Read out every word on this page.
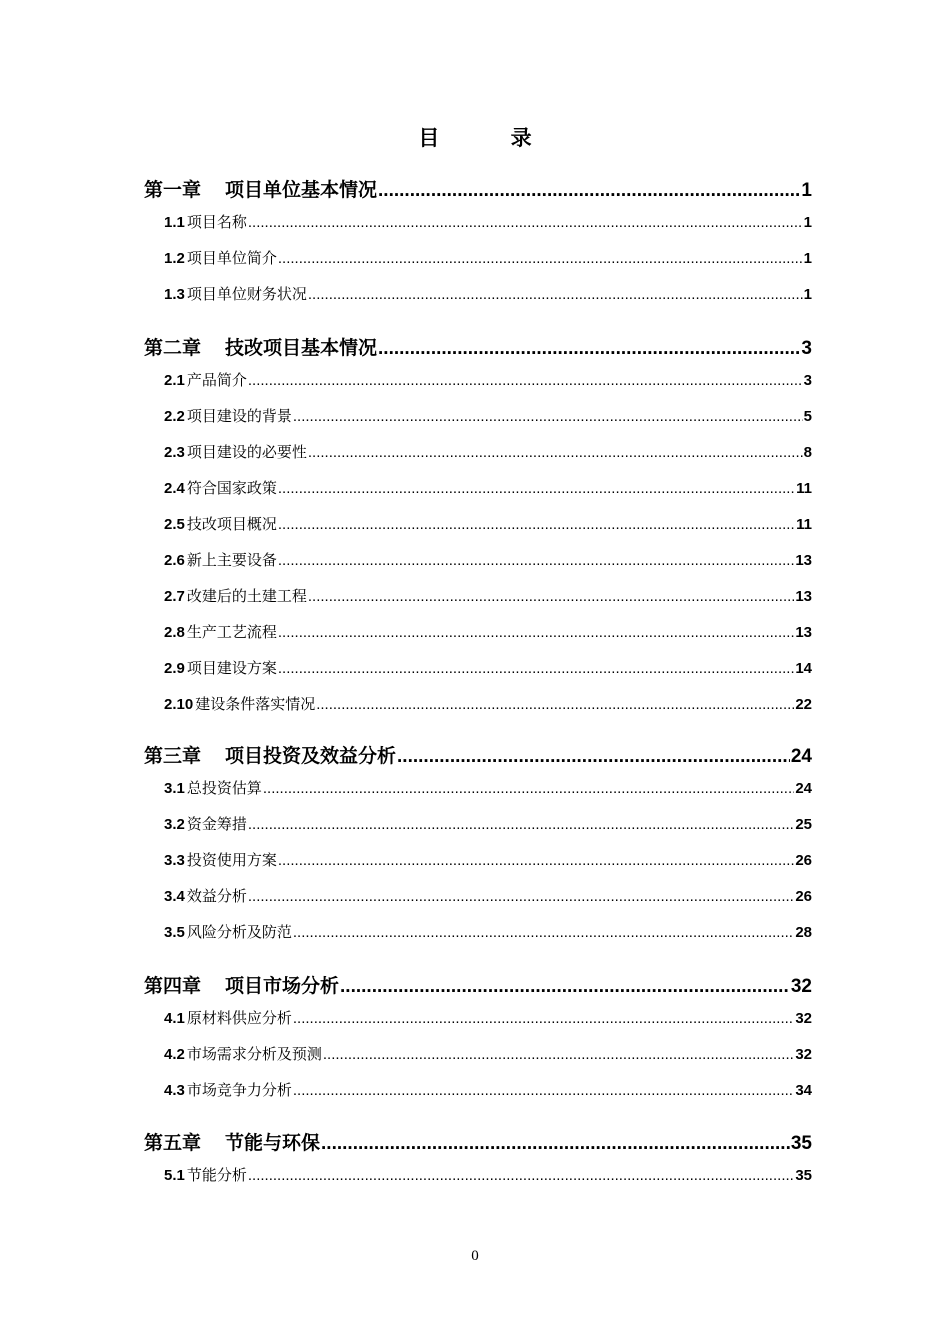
目 录
第一章 项目单位基本情况 .....	1
1.1 项目名称 .....	1
1.2 项目单位简介 .....	1
1.3 项目单位财务状况 .....	1
第二章 技改项目基本情况 .....	3
2.1 产品简介 .....	3
2.2 项目建设的背景 .....	5
2.3 项目建设的必要性 .....	8
2.4 符合国家政策 .....	11
2.5 技改项目概况 .....	11
2.6 新上主要设备 .....	13
2.7 改建后的土建工程 .....	13
2.8 生产工艺流程 .....	13
2.9 项目建设方案 .....	14
2.10 建设条件落实情况 .....	22
第三章 项目投资及效益分析 .....	24
3.1 总投资估算 .....	24
3.2 资金筹措 .....	25
3.3 投资使用方案 .....	26
3.4 效益分析 .....	26
3.5 风险分析及防范 .....	28
第四章 项目市场分析 .....	32
4.1 原材料供应分析 .....	32
4.2 市场需求分析及预测 .....	32
4.3 市场竞争力分析 .....	34
第五章 节能与环保 .....	35
5.1 节能分析 .....	35
0
